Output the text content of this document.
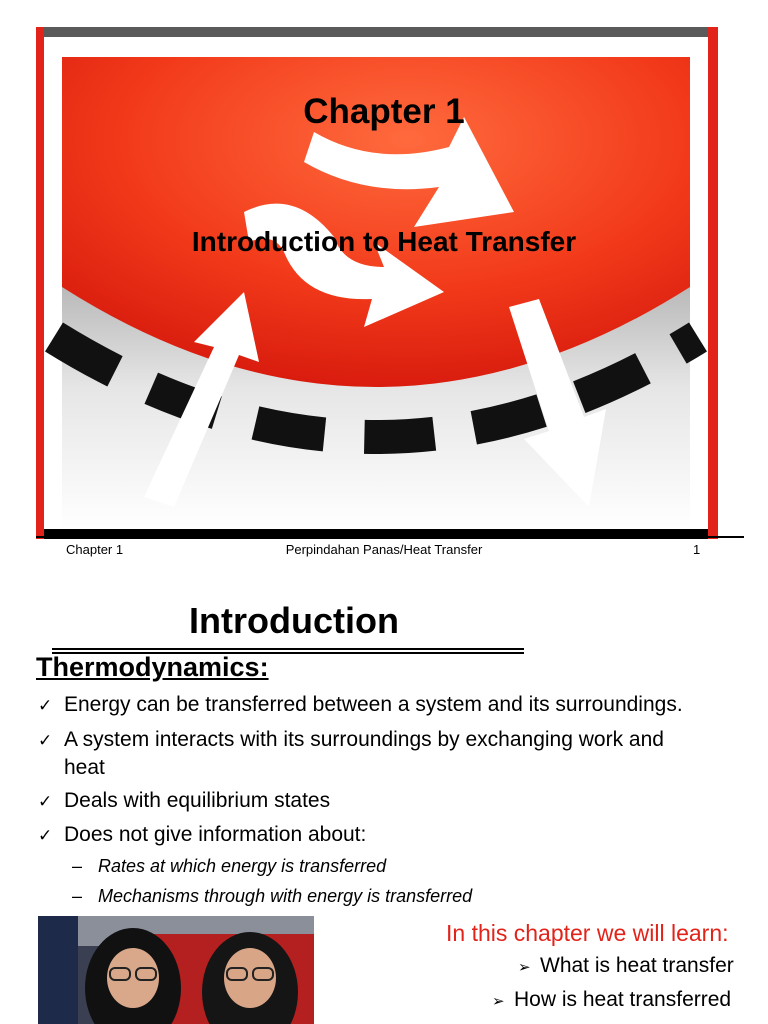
Chapter 1
Introduction to Heat Transfer
Chapter 1	Perpindahan Panas/Heat Transfer	1
Introduction
Thermodynamics:
✓ Energy can be transferred between a system and its surroundings.
✓ A system interacts with its surroundings by exchanging work and
heat
✓ Deals with equilibrium states
✓ Does not give information about:
– Rates at which energy is transferred
– Mechanisms through with energy is transferred
In this chapter we will learn:
➢ What is heat transfer
➢ How is heat transferred
